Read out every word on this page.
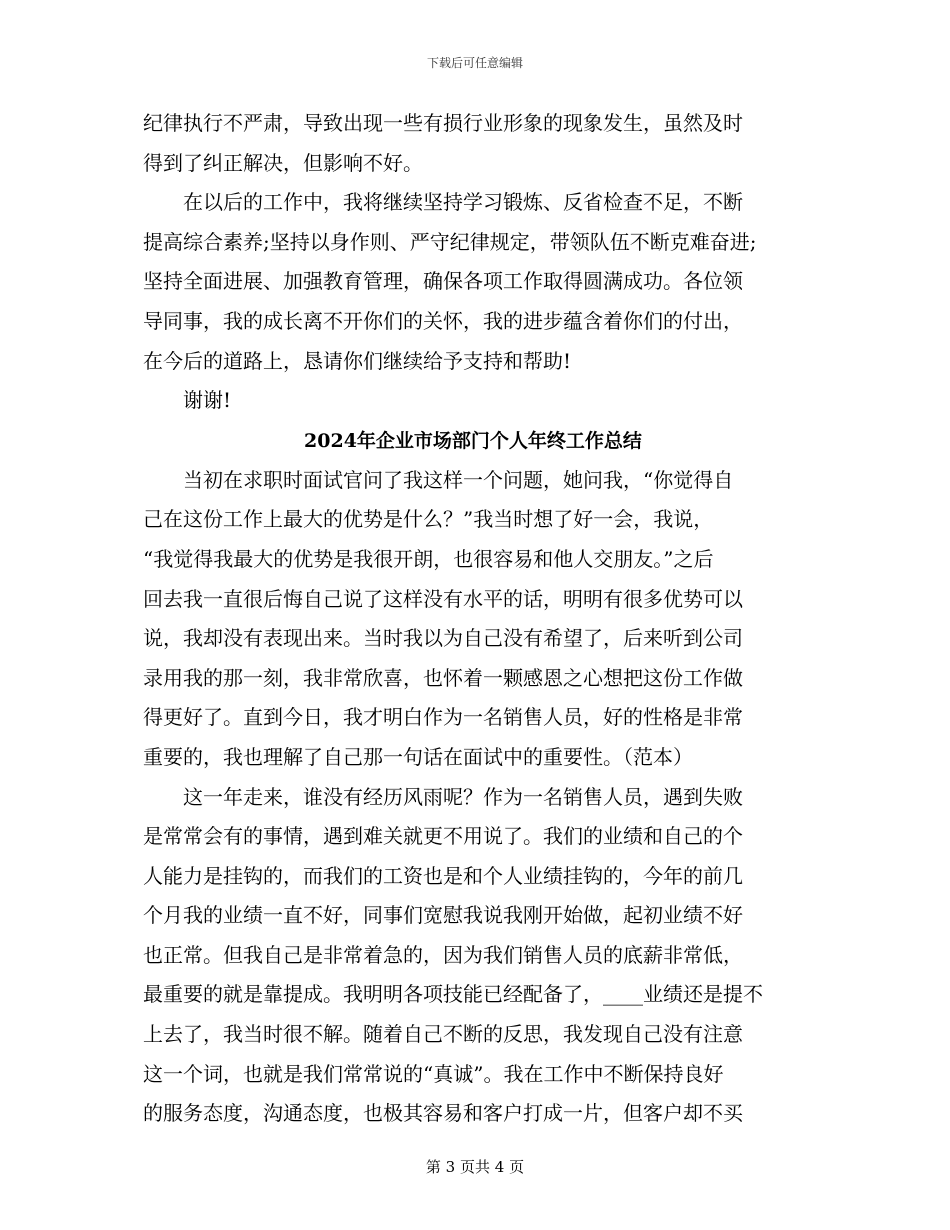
下载后可任意编辑
纪律执行不严肃，导致出现一些有损行业形象的现象发生，虽然及时
得到了纠正解决，但影响不好。
在以后的工作中，我将继续坚持学习锻炼、反省检查不足，不断
提高综合素养;坚持以身作则、严守纪律规定，带领队伍不断克难奋进;
坚持全面进展、加强教育管理，确保各项工作取得圆满成功。各位领
导同事，我的成长离不开你们的关怀，我的进步蕴含着你们的付出，
在今后的道路上，恳请你们继续给予支持和帮助!
谢谢!
2024年企业市场部门个人年终工作总结
当初在求职时面试官问了我这样一个问题，她问我，“你觉得自
己在这份工作上最大的优势是什么？”我当时想了好一会，我说，
“我觉得我最大的优势是我很开朗，也很容易和他人交朋友。”之后
回去我一直很后悔自己说了这样没有水平的话，明明有很多优势可以
说，我却没有表现出来。当时我以为自己没有希望了，后来听到公司
录用我的那一刻，我非常欣喜，也怀着一颗感恩之心想把这份工作做
得更好了。直到今日，我才明白作为一名销售人员，好的性格是非常
重要的，我也理解了自己那一句话在面试中的重要性。（范本）
这一年走来，谁没有经历风雨呢？作为一名销售人员，遇到失败
是常常会有的事情，遇到难关就更不用说了。我们的业绩和自己的个
人能力是挂钩的，而我们的工资也是和个人业绩挂钩的，今年的前几
个月我的业绩一直不好，同事们宽慰我说我刚开始做，起初业绩不好
也正常。但我自己是非常着急的，因为我们销售人员的底薪非常低，
最重要的就是靠提成。我明明各项技能已经配备了，____业绩还是提不
上去了，我当时很不解。随着自己不断的反思，我发现自己没有注意
这一个词，也就是我们常常说的“真诚”。我在工作中不断保持良好
的服务态度，沟通态度，也极其容易和客户打成一片，但客户却不买
第 3 页共 4 页
